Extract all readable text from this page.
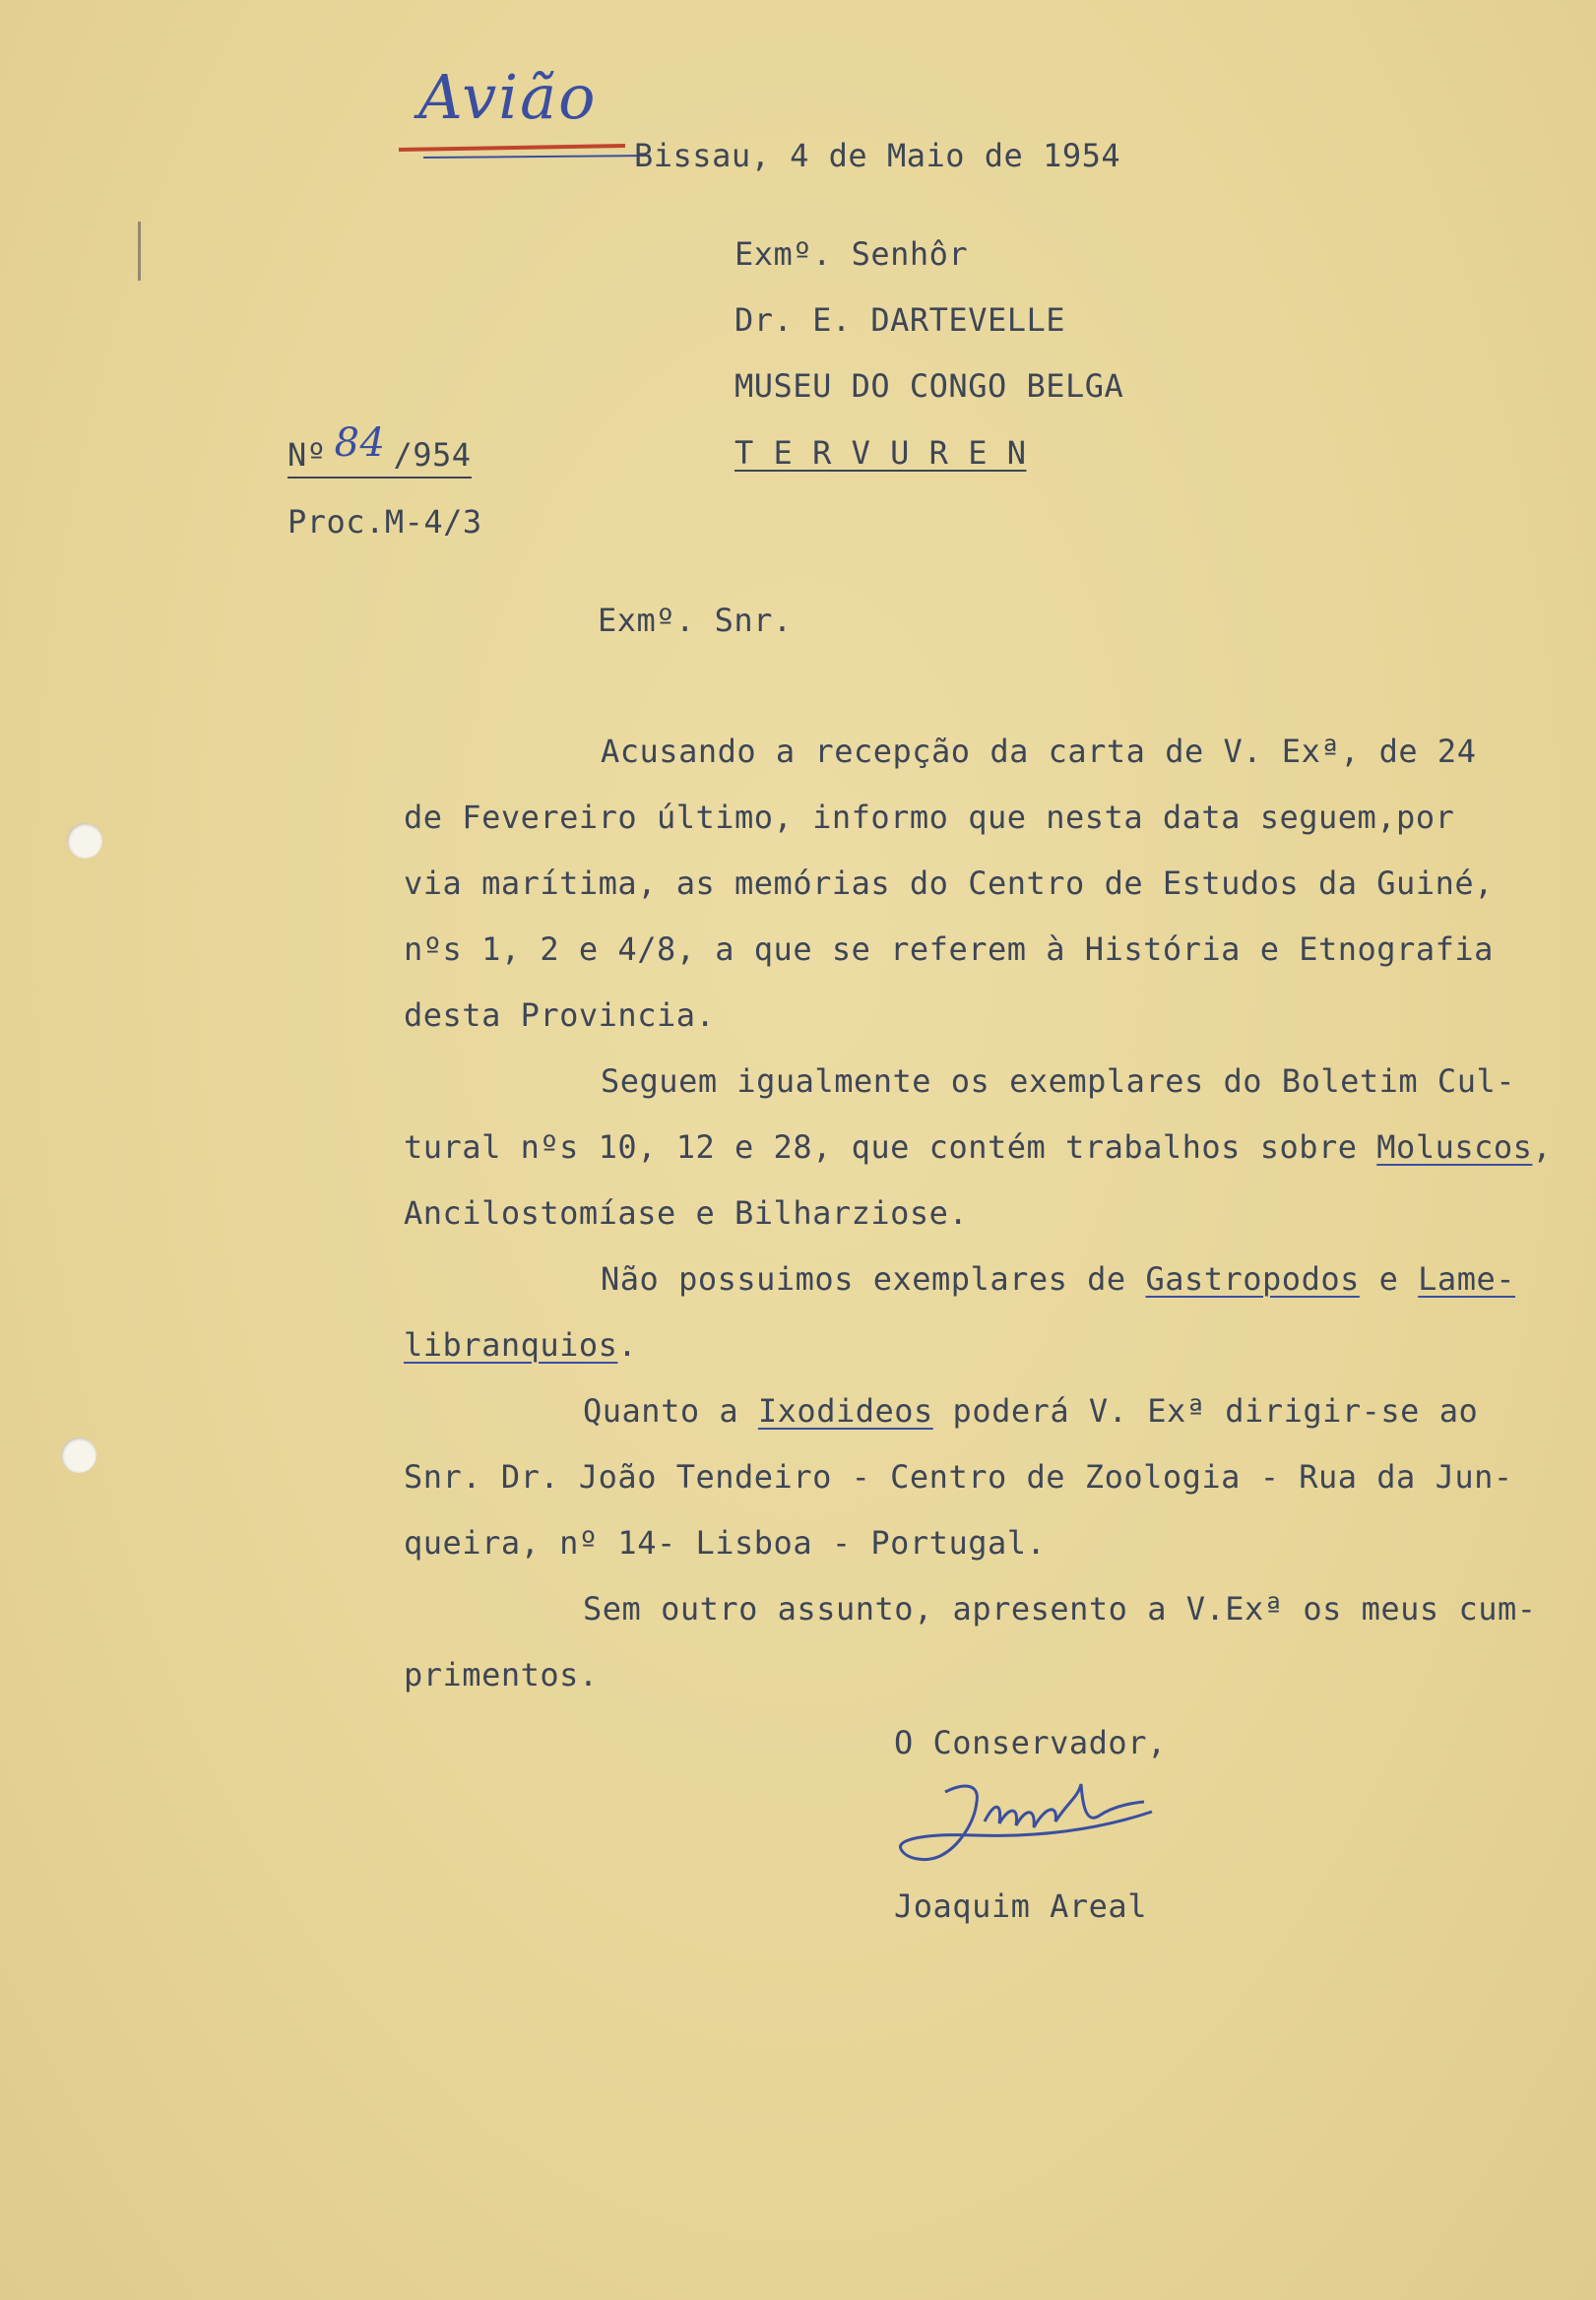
Avião
Bissau, 4 de Maio de 1954
Exmº. Senhôr
Dr. E. DARTEVELLE
MUSEU DO CONGO BELGA
T E R V U R E N
Nº 84 /954
Proc.M-4/3
Exmº. Snr.
Acusando a recepção da carta de V. Exª, de 24
de Fevereiro último, informo que nesta data seguem,por
via marítima, as memórias do Centro de Estudos da Guiné,
nºs 1, 2 e 4/8, a que se referem à História e Etnografia
desta Provincia.
Seguem igualmente os exemplares do Boletim Cul-
tural nºs 10, 12 e 28, que contém trabalhos sobre Moluscos,
Ancilostomíase e Bilharziose.
Não possuimos exemplares de Gastropodos e Lame-
libranquios.
Quanto a Ixodideos poderá V. Exª dirigir-se ao
Snr. Dr. João Tendeiro - Centro de Zoologia - Rua da Jun-
queira, nº 14- Lisboa - Portugal.
Sem outro assunto, apresento a V.Exª os meus cum-
primentos.
O Conservador,
Joaquim Areal
